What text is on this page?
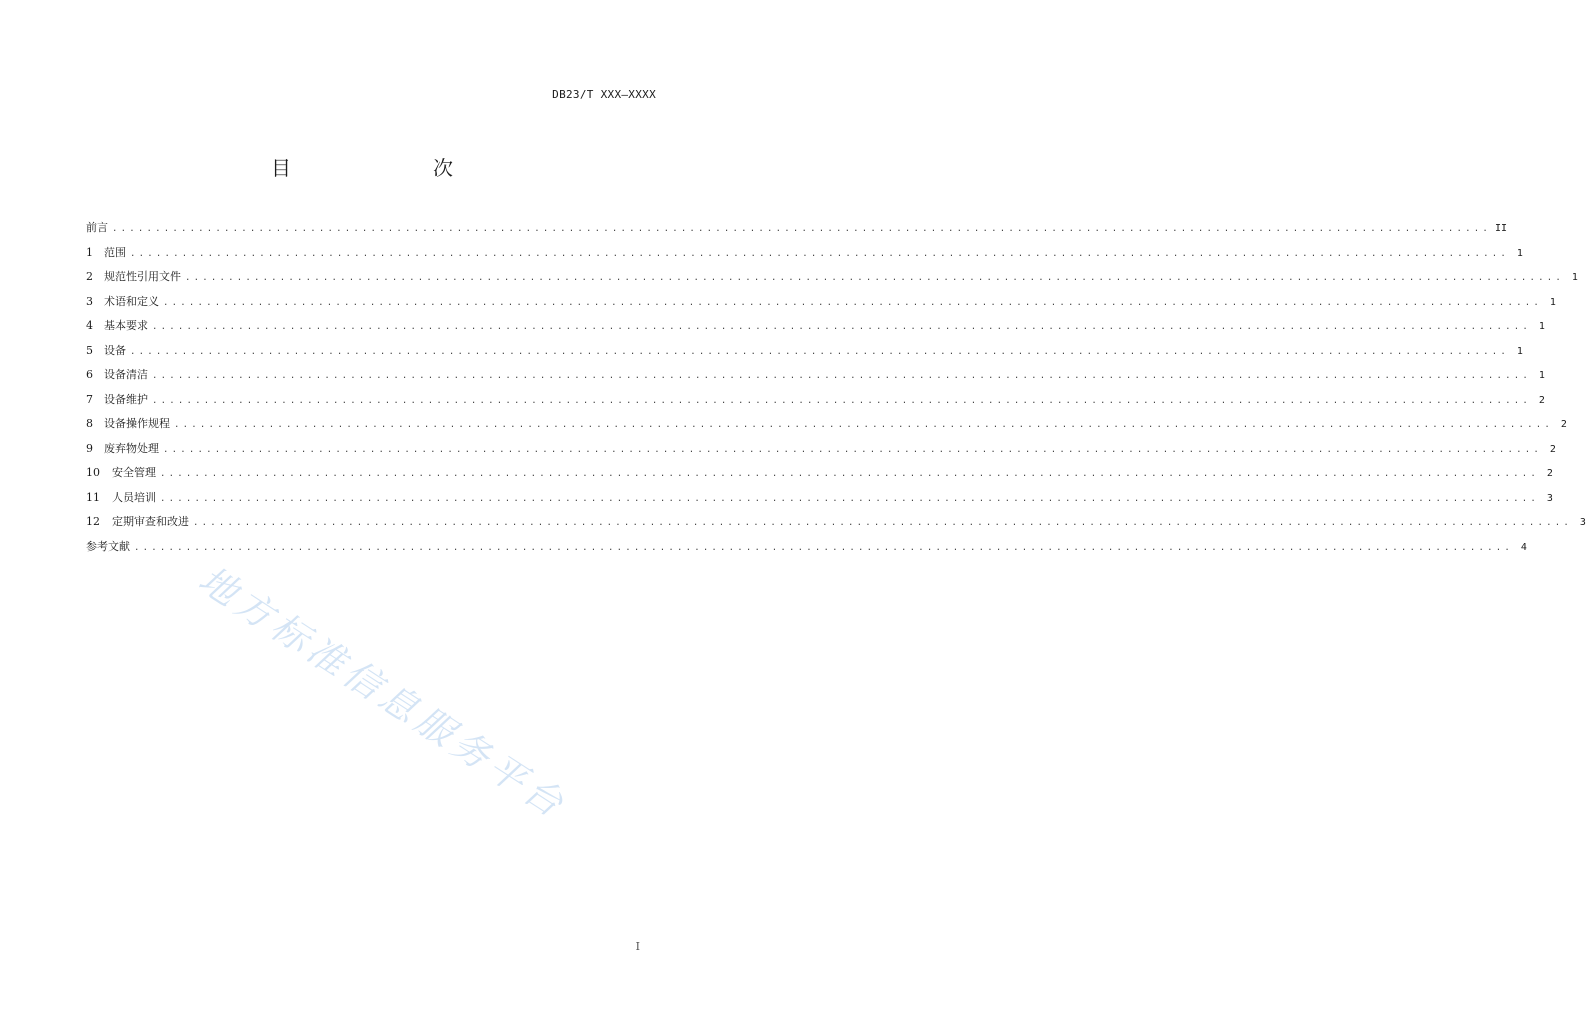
DB23/T XXX—XXXX
目　　次
前言 ................................................................................................................................................................ II
1	范围 ................................................................................................................................................................ 1
2	规范性引用文件 ................................................................................................................................................................ 1
3	术语和定义 ................................................................................................................................................................ 1
4	基本要求 ................................................................................................................................................................ 1
5	设备 ................................................................................................................................................................ 1
6	设备清洁 ................................................................................................................................................................ 1
7	设备维护 ................................................................................................................................................................ 2
8	设备操作规程 ................................................................................................................................................................ 2
9	废弃物处理 ................................................................................................................................................................ 2
10	安全管理 ................................................................................................................................................................ 2
11	人员培训 ................................................................................................................................................................ 3
12	定期审查和改进 ................................................................................................................................................................ 3
参考文献 ................................................................................................................................................................ 4
地方标准信息服务平台
I
